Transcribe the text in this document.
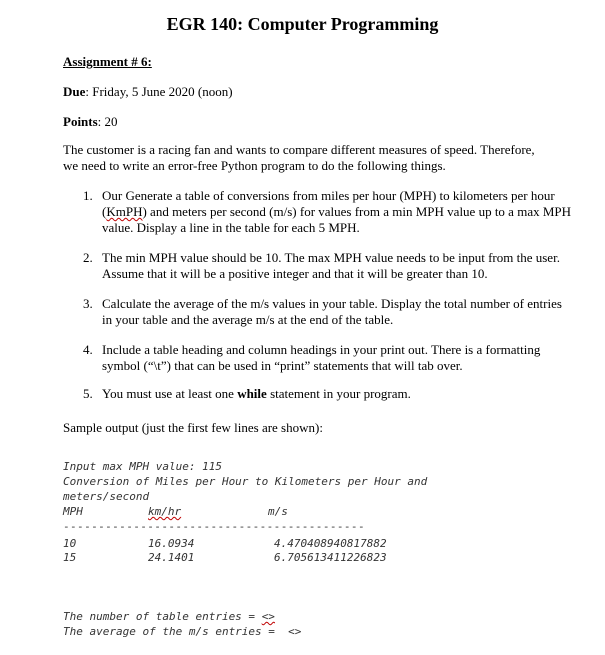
EGR 140: Computer Programming
Assignment # 6:
Due: Friday, 5 June 2020 (noon)
Points: 20
The customer is a racing fan and wants to compare different measures of speed. Therefore, we need to write an error-free Python program to do the following things.
1. Our Generate a table of conversions from miles per hour (MPH) to kilometers per hour (KmPH) and meters per second (m/s) for values from a min MPH value up to a max MPH value. Display a line in the table for each 5 MPH.
2. The min MPH value should be 10. The max MPH value needs to be input from the user. Assume that it will be a positive integer and that it will be greater than 10.
3. Calculate the average of the m/s values in your table. Display the total number of entries in your table and the average m/s at the end of the table.
4. Include a table heading and column headings in your print out. There is a formatting symbol (“\t”) that can be used in “print” statements that will tab over.
5. You must use at least one while statement in your program.
Sample output (just the first few lines are shown):
Input max MPH value: 115
Conversion of Miles per Hour to Kilometers per Hour and
meters/second
MPH	km/hr	m/s
-------------------------------------------
10	16.0934	4.470408940817882
15	24.1401	6.705613411226823
The number of table entries = <>
The average of the m/s entries = <>
